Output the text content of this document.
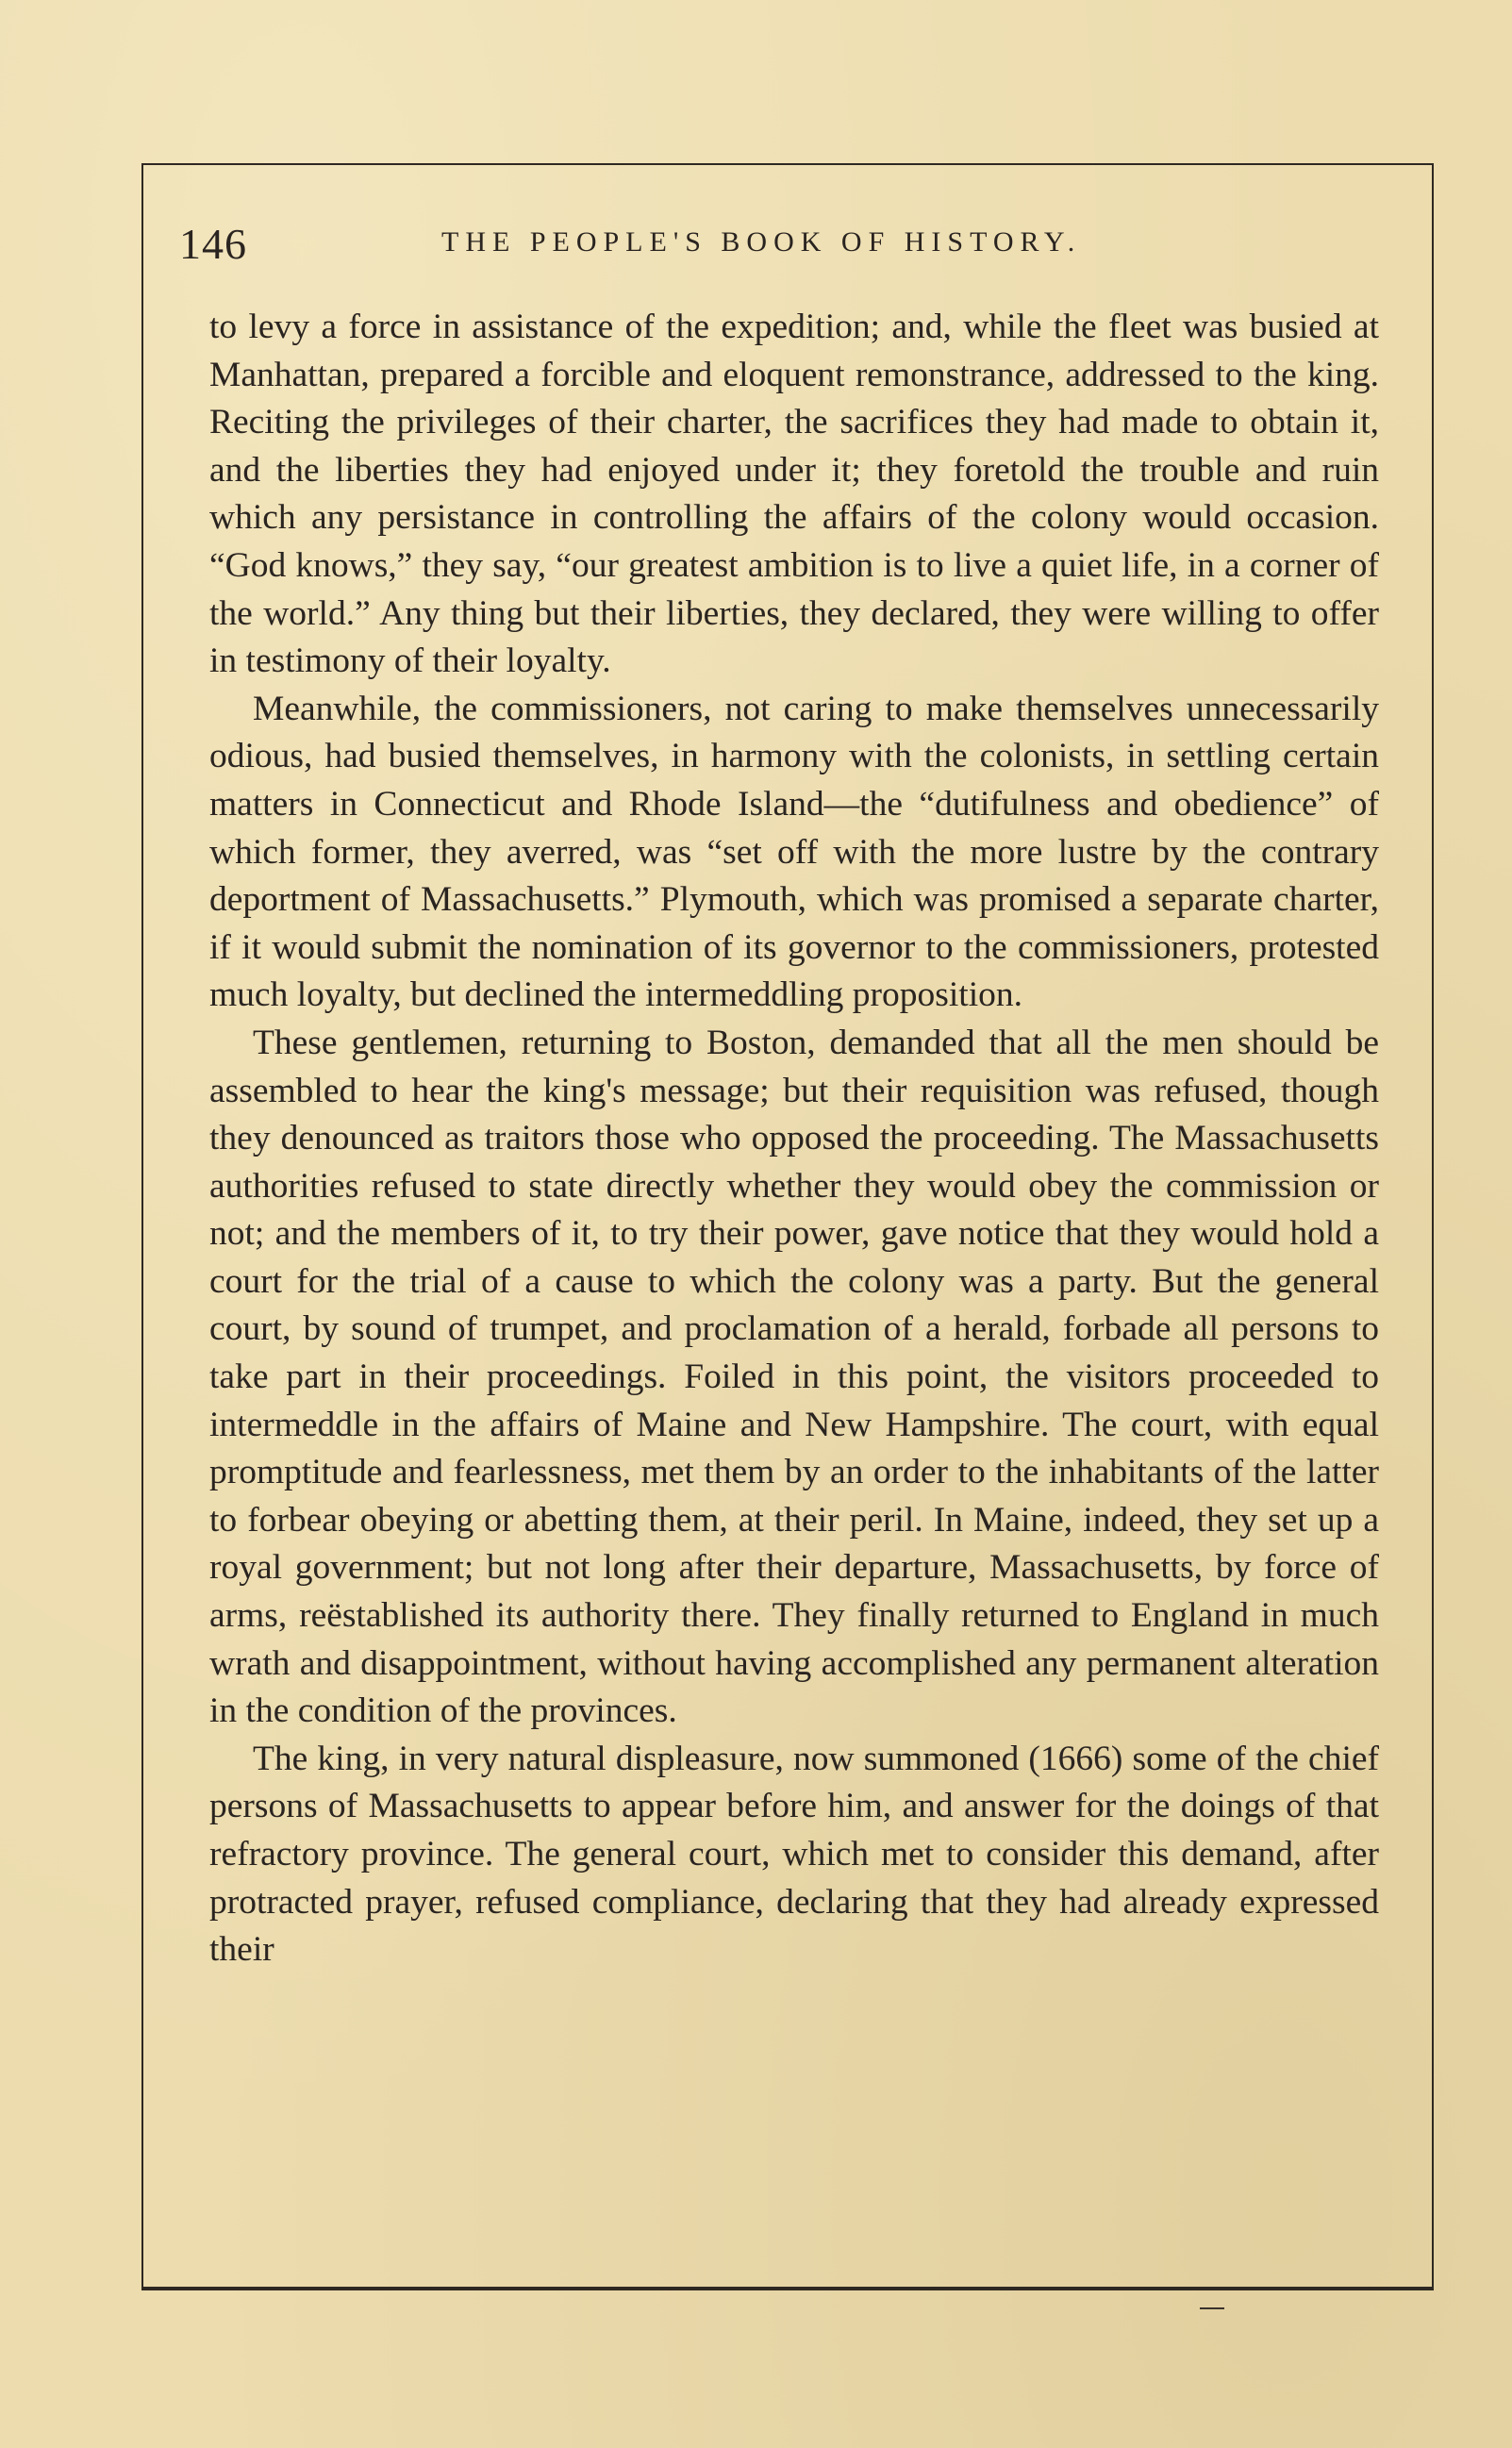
146	THE PEOPLE'S BOOK OF HISTORY.

to levy a force in assistance of the expedition; and, while the fleet was busied at Manhattan, prepared a forcible and eloquent remonstrance, addressed to the king. Reciting the privileges of their charter, the sacrifices they had made to obtain it, and the liberties they had enjoyed under it; they foretold the trouble and ruin which any persistance in controlling the affairs of the colony would occasion. “God knows,” they say, “our greatest ambition is to live a quiet life, in a corner of the world.” Any thing but their liberties, they declared, they were willing to offer in testimony of their loyalty.

Meanwhile, the commissioners, not caring to make themselves unnecessarily odious, had busied themselves, in harmony with the colonists, in settling certain matters in Connecticut and Rhode Island—the “dutifulness and obedience” of which former, they averred, was “set off with the more lustre by the contrary deportment of Massachusetts.” Plymouth, which was promised a separate charter, if it would submit the nomination of its governor to the commissioners, protested much loyalty, but declined the intermeddling proposition.

These gentlemen, returning to Boston, demanded that all the men should be assembled to hear the king's message; but their requisition was refused, though they denounced as traitors those who opposed the proceeding. The Massachusetts authorities refused to state directly whether they would obey the commission or not; and the members of it, to try their power, gave notice that they would hold a court for the trial of a cause to which the colony was a party. But the general court, by sound of trumpet, and proclamation of a herald, forbade all persons to take part in their proceedings. Foiled in this point, the visitors proceeded to intermeddle in the affairs of Maine and New Hampshire. The court, with equal promptitude and fearlessness, met them by an order to the inhabitants of the latter to forbear obeying or abetting them, at their peril. In Maine, indeed, they set up a royal government; but not long after their departure, Massachusetts, by force of arms, reëstablished its authority there. They finally returned to England in much wrath and disappointment, without having accomplished any permanent alteration in the condition of the provinces.

The king, in very natural displeasure, now summoned (1666) some of the chief persons of Massachusetts to appear before him, and answer for the doings of that refractory province. The general court, which met to consider this demand, after protracted prayer, refused compliance, declaring that they had already expressed their
